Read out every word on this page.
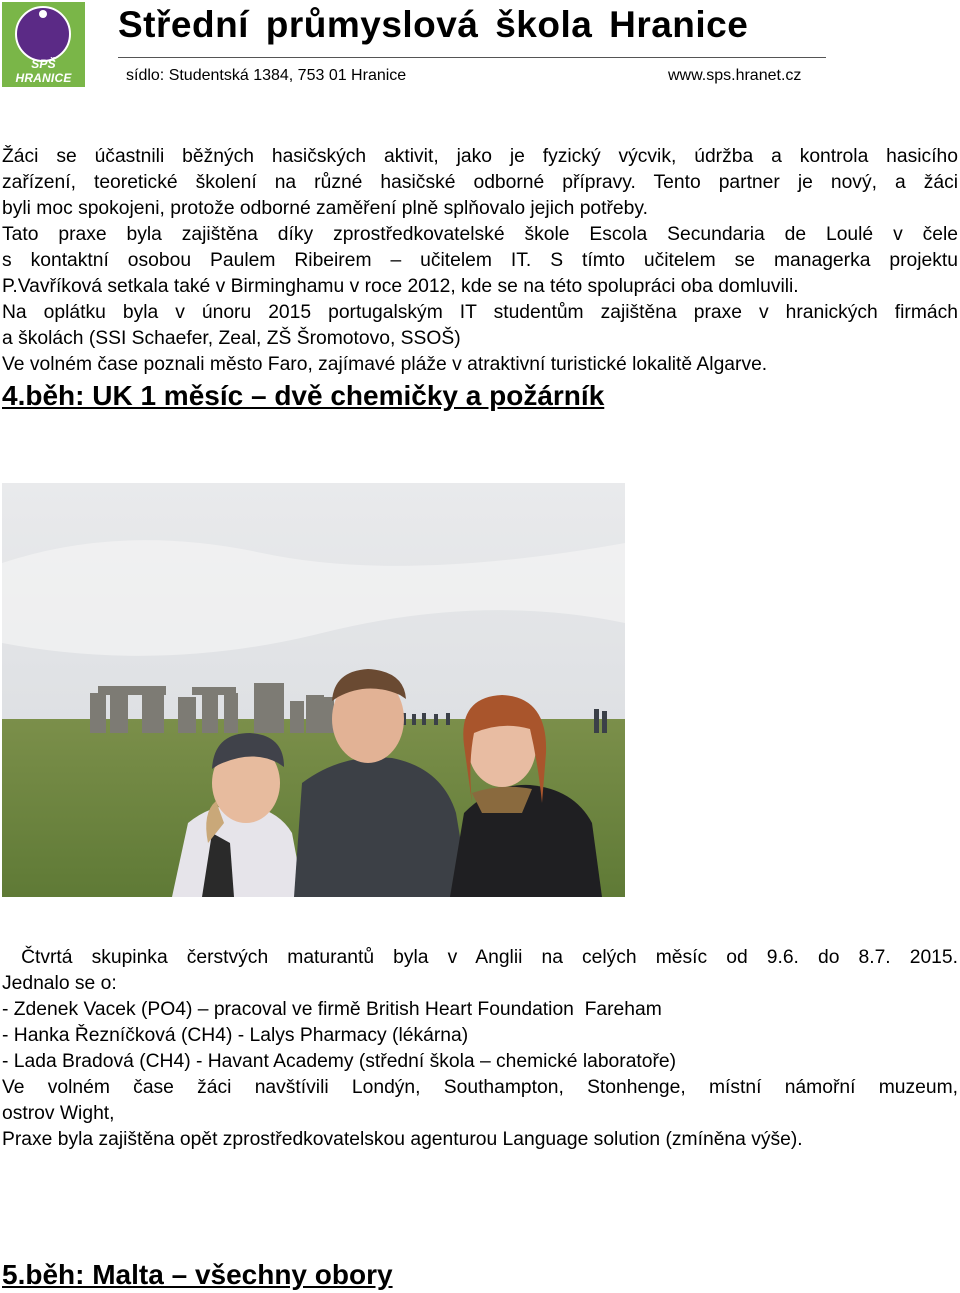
SPŠ HRANICE
Střední průmyslová škola Hranice
sídlo: Studentská 1384, 753 01 Hranice	www.sps.hranet.cz

Žáci se účastnili běžných hasičských aktivit, jako je fyzický výcvik, údržba a kontrola hasicího

zařízení, teoretické školení na různé hasičské odborné přípravy. Tento partner je nový, a žáci

byli moc spokojeni, protože odborné zaměření plně splňovalo jejich potřeby.

Tato praxe byla zajištěna díky zprostředkovatelské škole Escola Secundaria de Loulé v čele

s kontaktní osobou Paulem Ribeirem – učitelem IT. S tímto učitelem se managerka projektu

P.Vavříková setkala také v Birminghamu v roce 2012, kde se na této spolupráci oba domluvili.

Na oplátku byla v únoru 2015 portugalským IT studentům zajištěna praxe v hranických firmách

a školách (SSI Schaefer, Zeal, ZŠ Šromotovo, SSOŠ)

Ve volném čase poznali město Faro, zajímavé pláže v atraktivní turistické lokalitě Algarve.

4.běh: UK 1 měsíc – dvě chemičky a požárník

Čtvrtá skupinka čerstvých maturantů byla v Anglii na celých měsíc od 9.6. do 8.7. 2015.

Jednalo se o:

- Zdenek Vacek (PO4) – pracoval ve firmě British Heart Foundation  Fareham

- Hanka Řezníčková (CH4) - Lalys Pharmacy (lékárna)

- Lada Bradová (CH4) - Havant Academy (střední škola – chemické laboratoře)

Ve volném čase žáci navštívili Londýn, Southampton, Stonhenge, místní námořní muzeum,

ostrov Wight,

Praxe byla zajištěna opět zprostředkovatelskou agenturou Language solution (zmíněna výše).

5.běh: Malta – všechny obory
